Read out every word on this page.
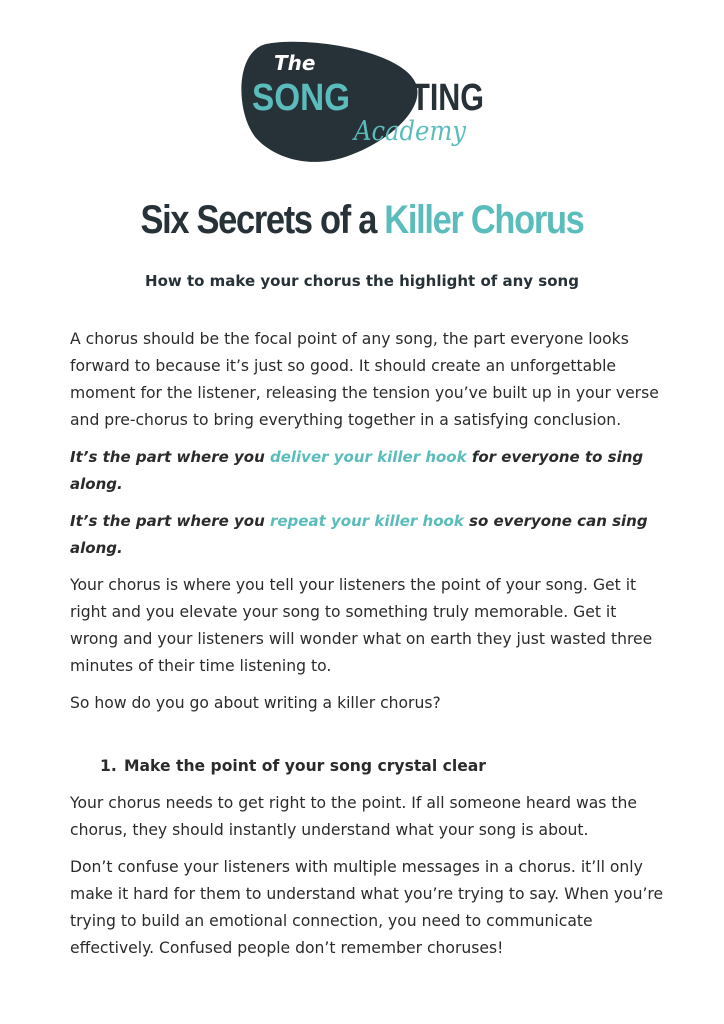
The
SONG WRITING
Academy
Six Secrets of a Killer Chorus
How to make your chorus the highlight of any song

A chorus should be the focal point of any song, the part everyone looks forward to because it’s just so good. It should create an unforgettable moment for the listener, releasing the tension you’ve built up in your verse and pre-chorus to bring everything together in a satisfying conclusion.

It’s the part where you deliver your killer hook for everyone to sing along.

It’s the part where you repeat your killer hook so everyone can sing along.

Your chorus is where you tell your listeners the point of your song. Get it right and you elevate your song to something truly memorable. Get it wrong and your listeners will wonder what on earth they just wasted three minutes of their time listening to.

So how do you go about writing a killer chorus?

1. Make the point of your song crystal clear

Your chorus needs to get right to the point. If all someone heard was the chorus, they should instantly understand what your song is about.

Don’t confuse your listeners with multiple messages in a chorus. it’ll only make it hard for them to understand what you’re trying to say. When you’re trying to build an emotional connection, you need to communicate effectively. Confused people don’t remember choruses!
